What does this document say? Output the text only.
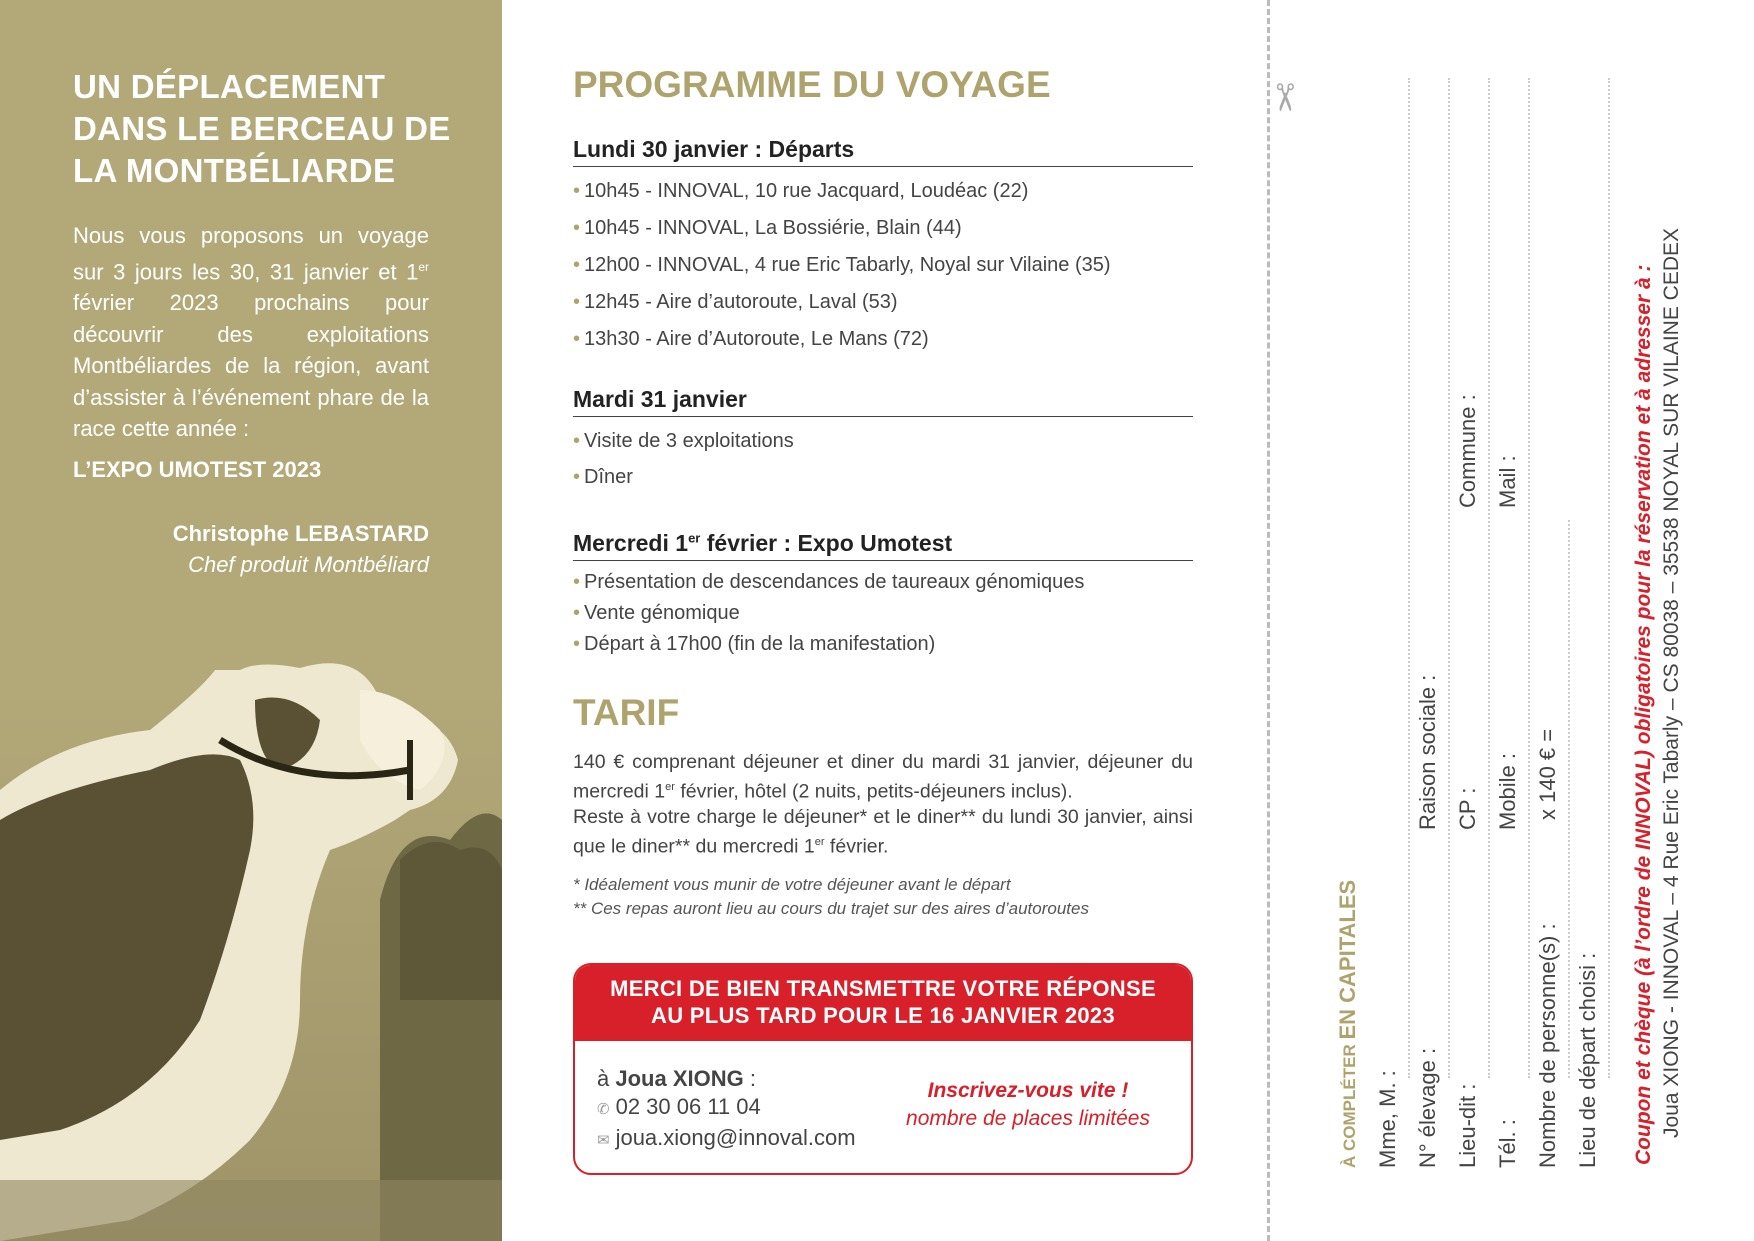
UN DÉPLACEMENT DANS LE BERCEAU DE LA MONTBÉLIARDE
Nous vous proposons un voyage sur 3 jours les 30, 31 janvier et 1er février 2023 prochains pour découvrir des exploitations Montbéliardes de la région, avant d’assister à l’événement phare de la race cette année :
L’EXPO UMOTEST 2023
Christophe LEBASTARD
Chef produit Montbéliard
PROGRAMME DU VOYAGE
Lundi 30 janvier : Départs
• 10h45 - INNOVAL, 10 rue Jacquard, Loudéac (22)
• 10h45 - INNOVAL, La Bossiérie, Blain (44)
• 12h00 - INNOVAL, 4 rue Eric Tabarly, Noyal sur Vilaine (35)
• 12h45 - Aire d’autoroute, Laval (53)
• 13h30 - Aire d’Autoroute, Le Mans (72)
Mardi 31 janvier
• Visite de 3 exploitations
• Dîner
Mercredi 1er février : Expo Umotest
• Présentation de descendances de taureaux génomiques
• Vente génomique
• Départ à 17h00 (fin de la manifestation)
TARIF
140 € comprenant déjeuner et diner du mardi 31 janvier, déjeuner du mercredi 1er février, hôtel (2 nuits, petits-déjeuners inclus).
Reste à votre charge le déjeuner* et le diner** du lundi 30 janvier, ainsi que le diner** du mercredi 1er février.
* Idéalement vous munir de votre déjeuner avant le départ
** Ces repas auront lieu au cours du trajet sur des aires d’autoroutes
MERCI DE BIEN TRANSMETTRE VOTRE RÉPONSE
AU PLUS TARD POUR LE 16 JANVIER 2023
à Joua XIONG :
✆ 02 30 06 11 04
✉ joua.xiong@innoval.com
Inscrivez-vous vite !
nombre de places limitées
✂
À COMPLÉTER EN CAPITALES
Mme, M. : N° élevage :
Raison sociale :
Lieu-dit :
CP :
Commune :
Tél. :
Mobile :
Mail :
Nombre de personne(s) :
x 140 € =
Lieu de départ choisi : Coupon et chèque (à l’ordre de INNOVAL) obligatoires pour la réservation et à adresser à : Joua XIONG - INNOVAL – 4 Rue Eric Tabarly – CS 80038 – 35538 NOYAL SUR VILAINE CEDEX
